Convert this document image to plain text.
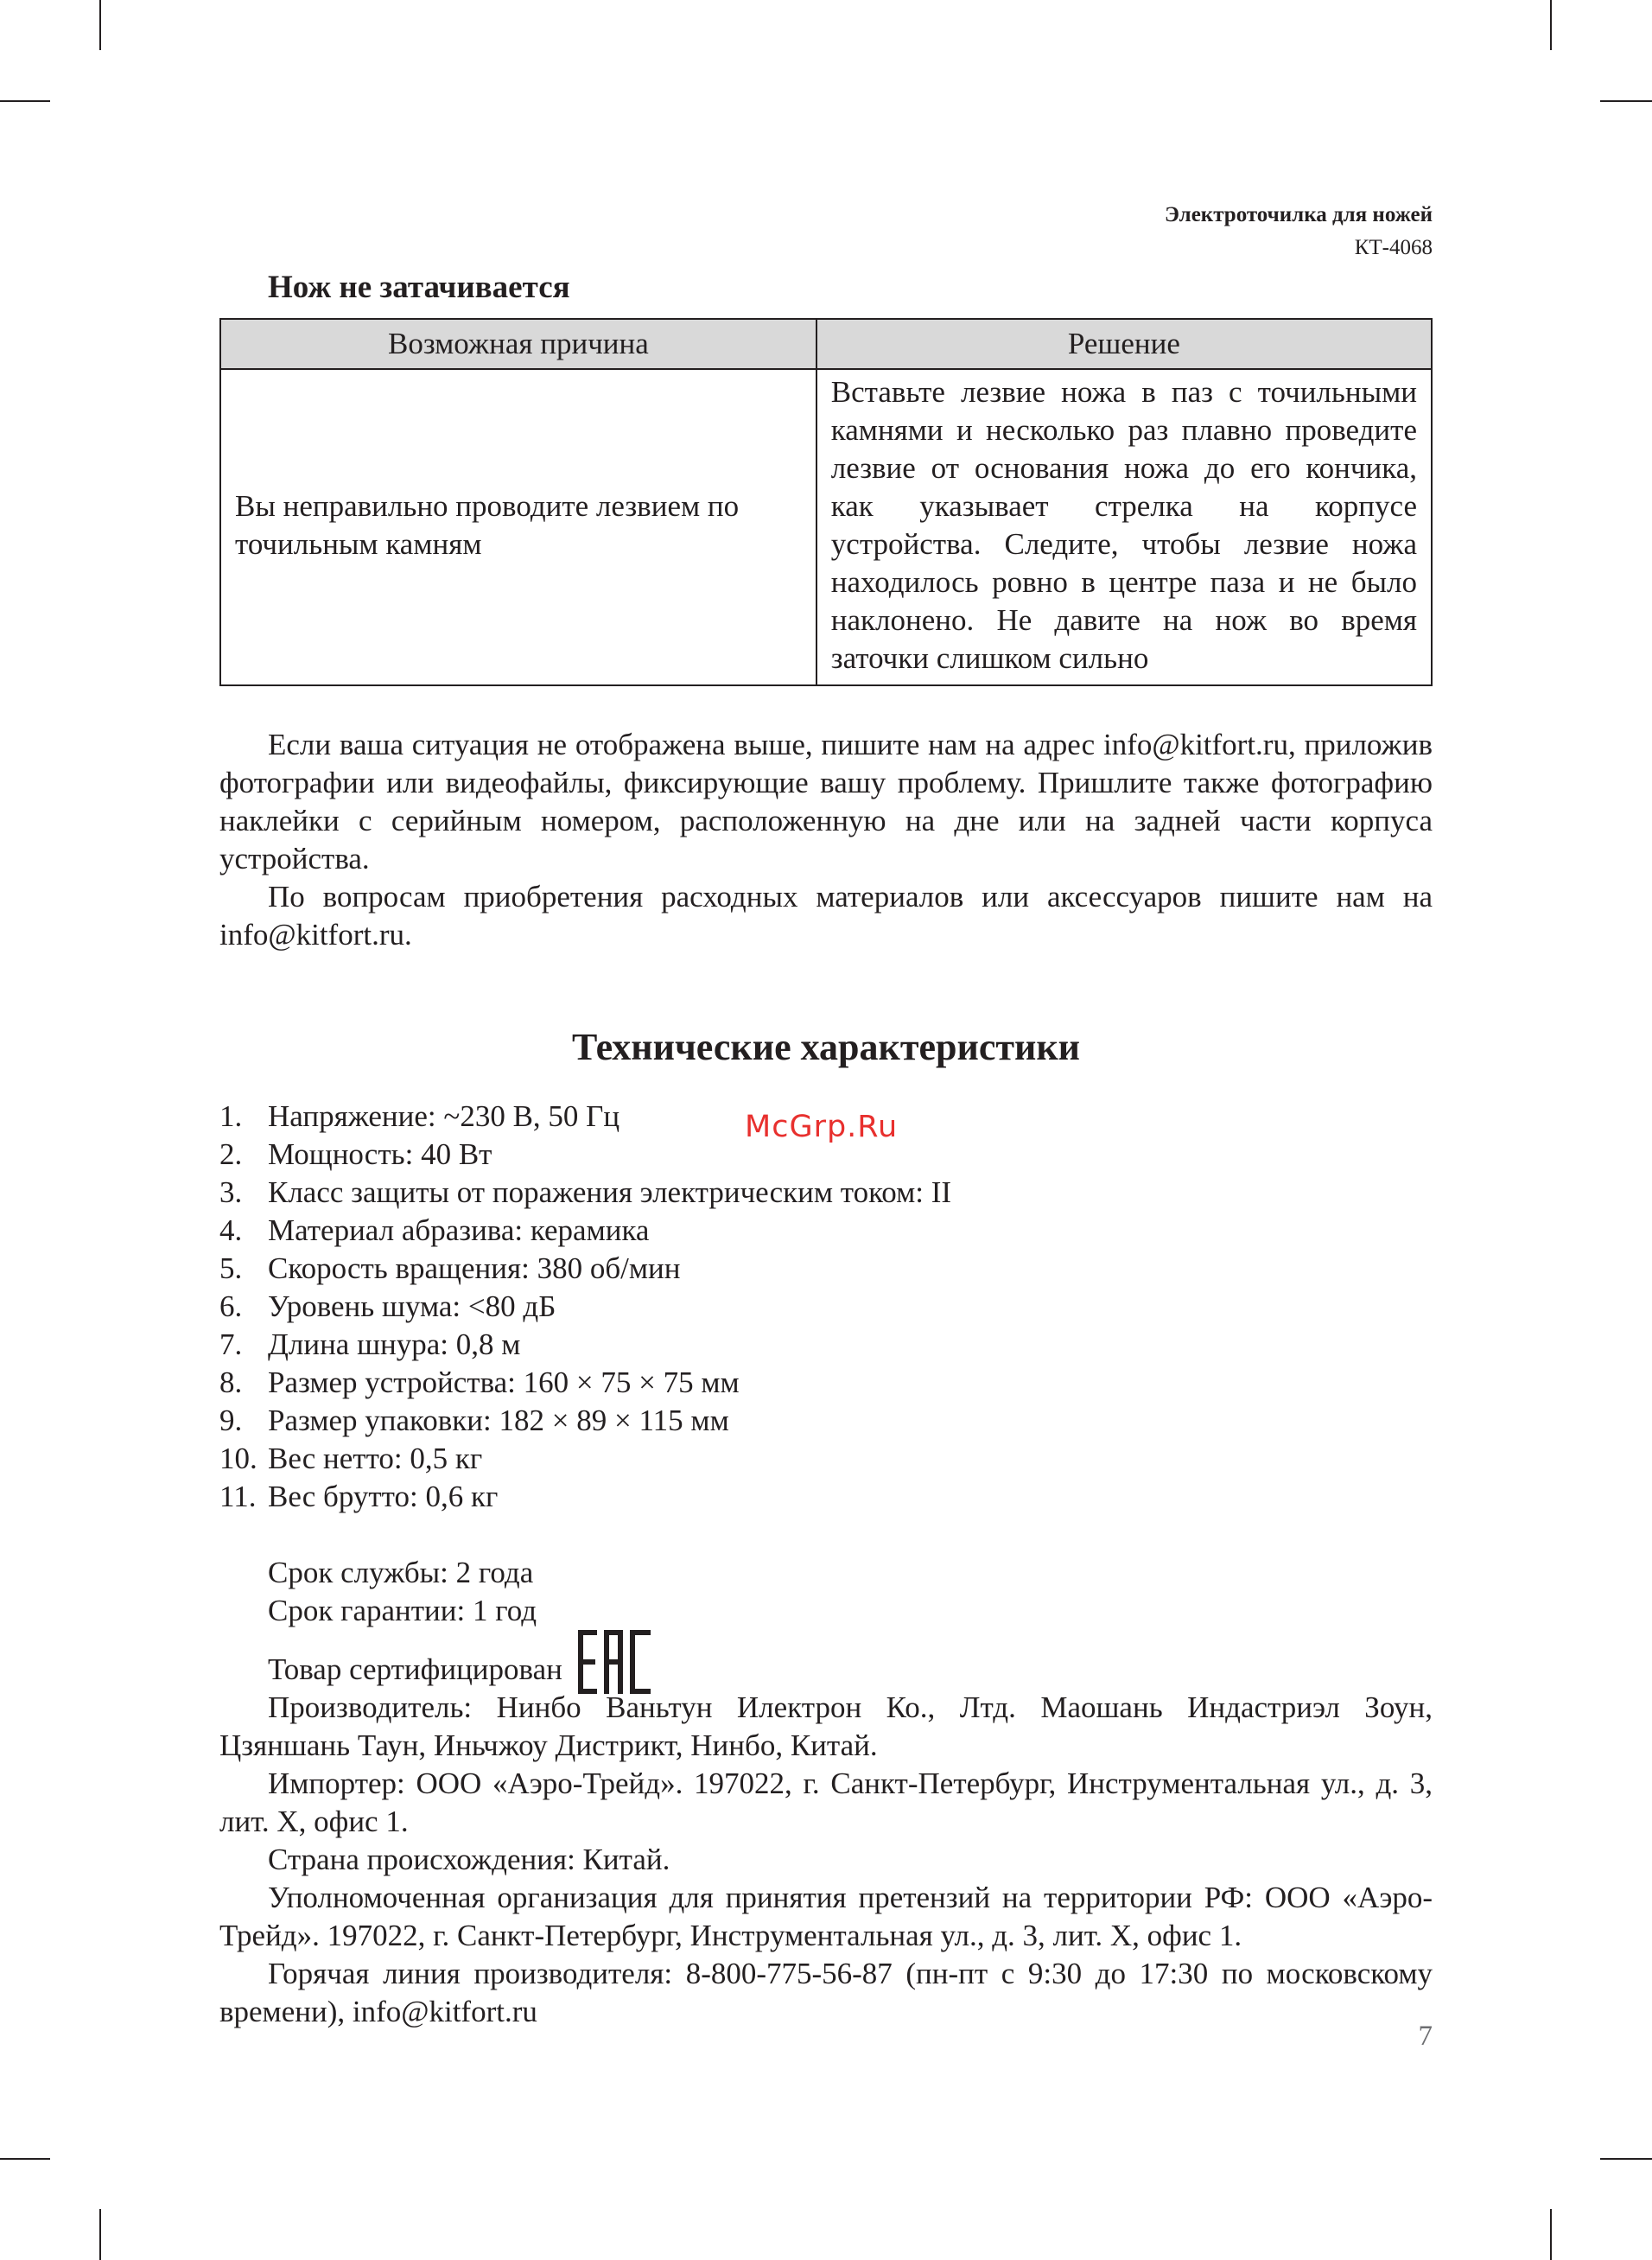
Электроточилка для ножей
КТ-4068
Нож не затачивается
Возможная причина	Решение
Вы неправильно проводите лезвием по точильным камням	Вставьте лезвие ножа в паз с точильными камнями и несколько раз плавно проведите лезвие от основания ножа до его кончика, как указывает стрелка на корпусе устройства. Следите, чтобы лезвие ножа находилось ровно в центре паза и не было наклонено. Не давите на нож во время заточки слишком сильно

Если ваша ситуация не отображена выше, пишите нам на адрес info@kitfort.ru, приложив фотографии или видеофайлы, фиксирующие вашу проблему. Пришлите также фотографию наклейки с серийным номером, расположенную на дне или на задней части корпуса устройства.

По вопросам приобретения расходных материалов или аксессуаров пишите нам на info@kitfort.ru.

Технические характеристики
1. Напряжение: ~230 В, 50 Гц
2. Мощность: 40 Вт
3. Класс защиты от поражения электрическим током: II
4. Материал абразива: керамика
5. Скорость вращения: 380 об/мин
6. Уровень шума: <80 дБ
7. Длина шнура: 0,8 м
8. Размер устройства: 160 × 75 × 75 мм
9. Размер упаковки: 182 × 89 × 115 мм
10. Вес нетто: 0,5 кг
11. Вес брутто: 0,6 кг

Срок службы: 2 года

Срок гарантии: 1 год

Товар сертифицирован

Производитель: Нинбо Ваньтун Илектрон Ко., Лтд. Маошань Индастриэл Зоун, Цзяншань Таун, Иньчжоу Дистрикт, Нинбо, Китай.

Импортер: ООО «Аэро-Трейд». 197022, г. Санкт-Петербург, Инструментальная ул., д. 3, лит. Х, офис 1.

Страна происхождения: Китай.

Уполномоченная организация для принятия претензий на территории РФ: ООО «Аэро-Трейд». 197022, г. Санкт-Петербург, Инструментальная ул., д. 3, лит. Х, офис 1.

Горячая линия производителя: 8-800-775-56-87 (пн-пт с 9:30 до 17:30 по московскому времени), info@kitfort.ru

McGrp.Ru
7
